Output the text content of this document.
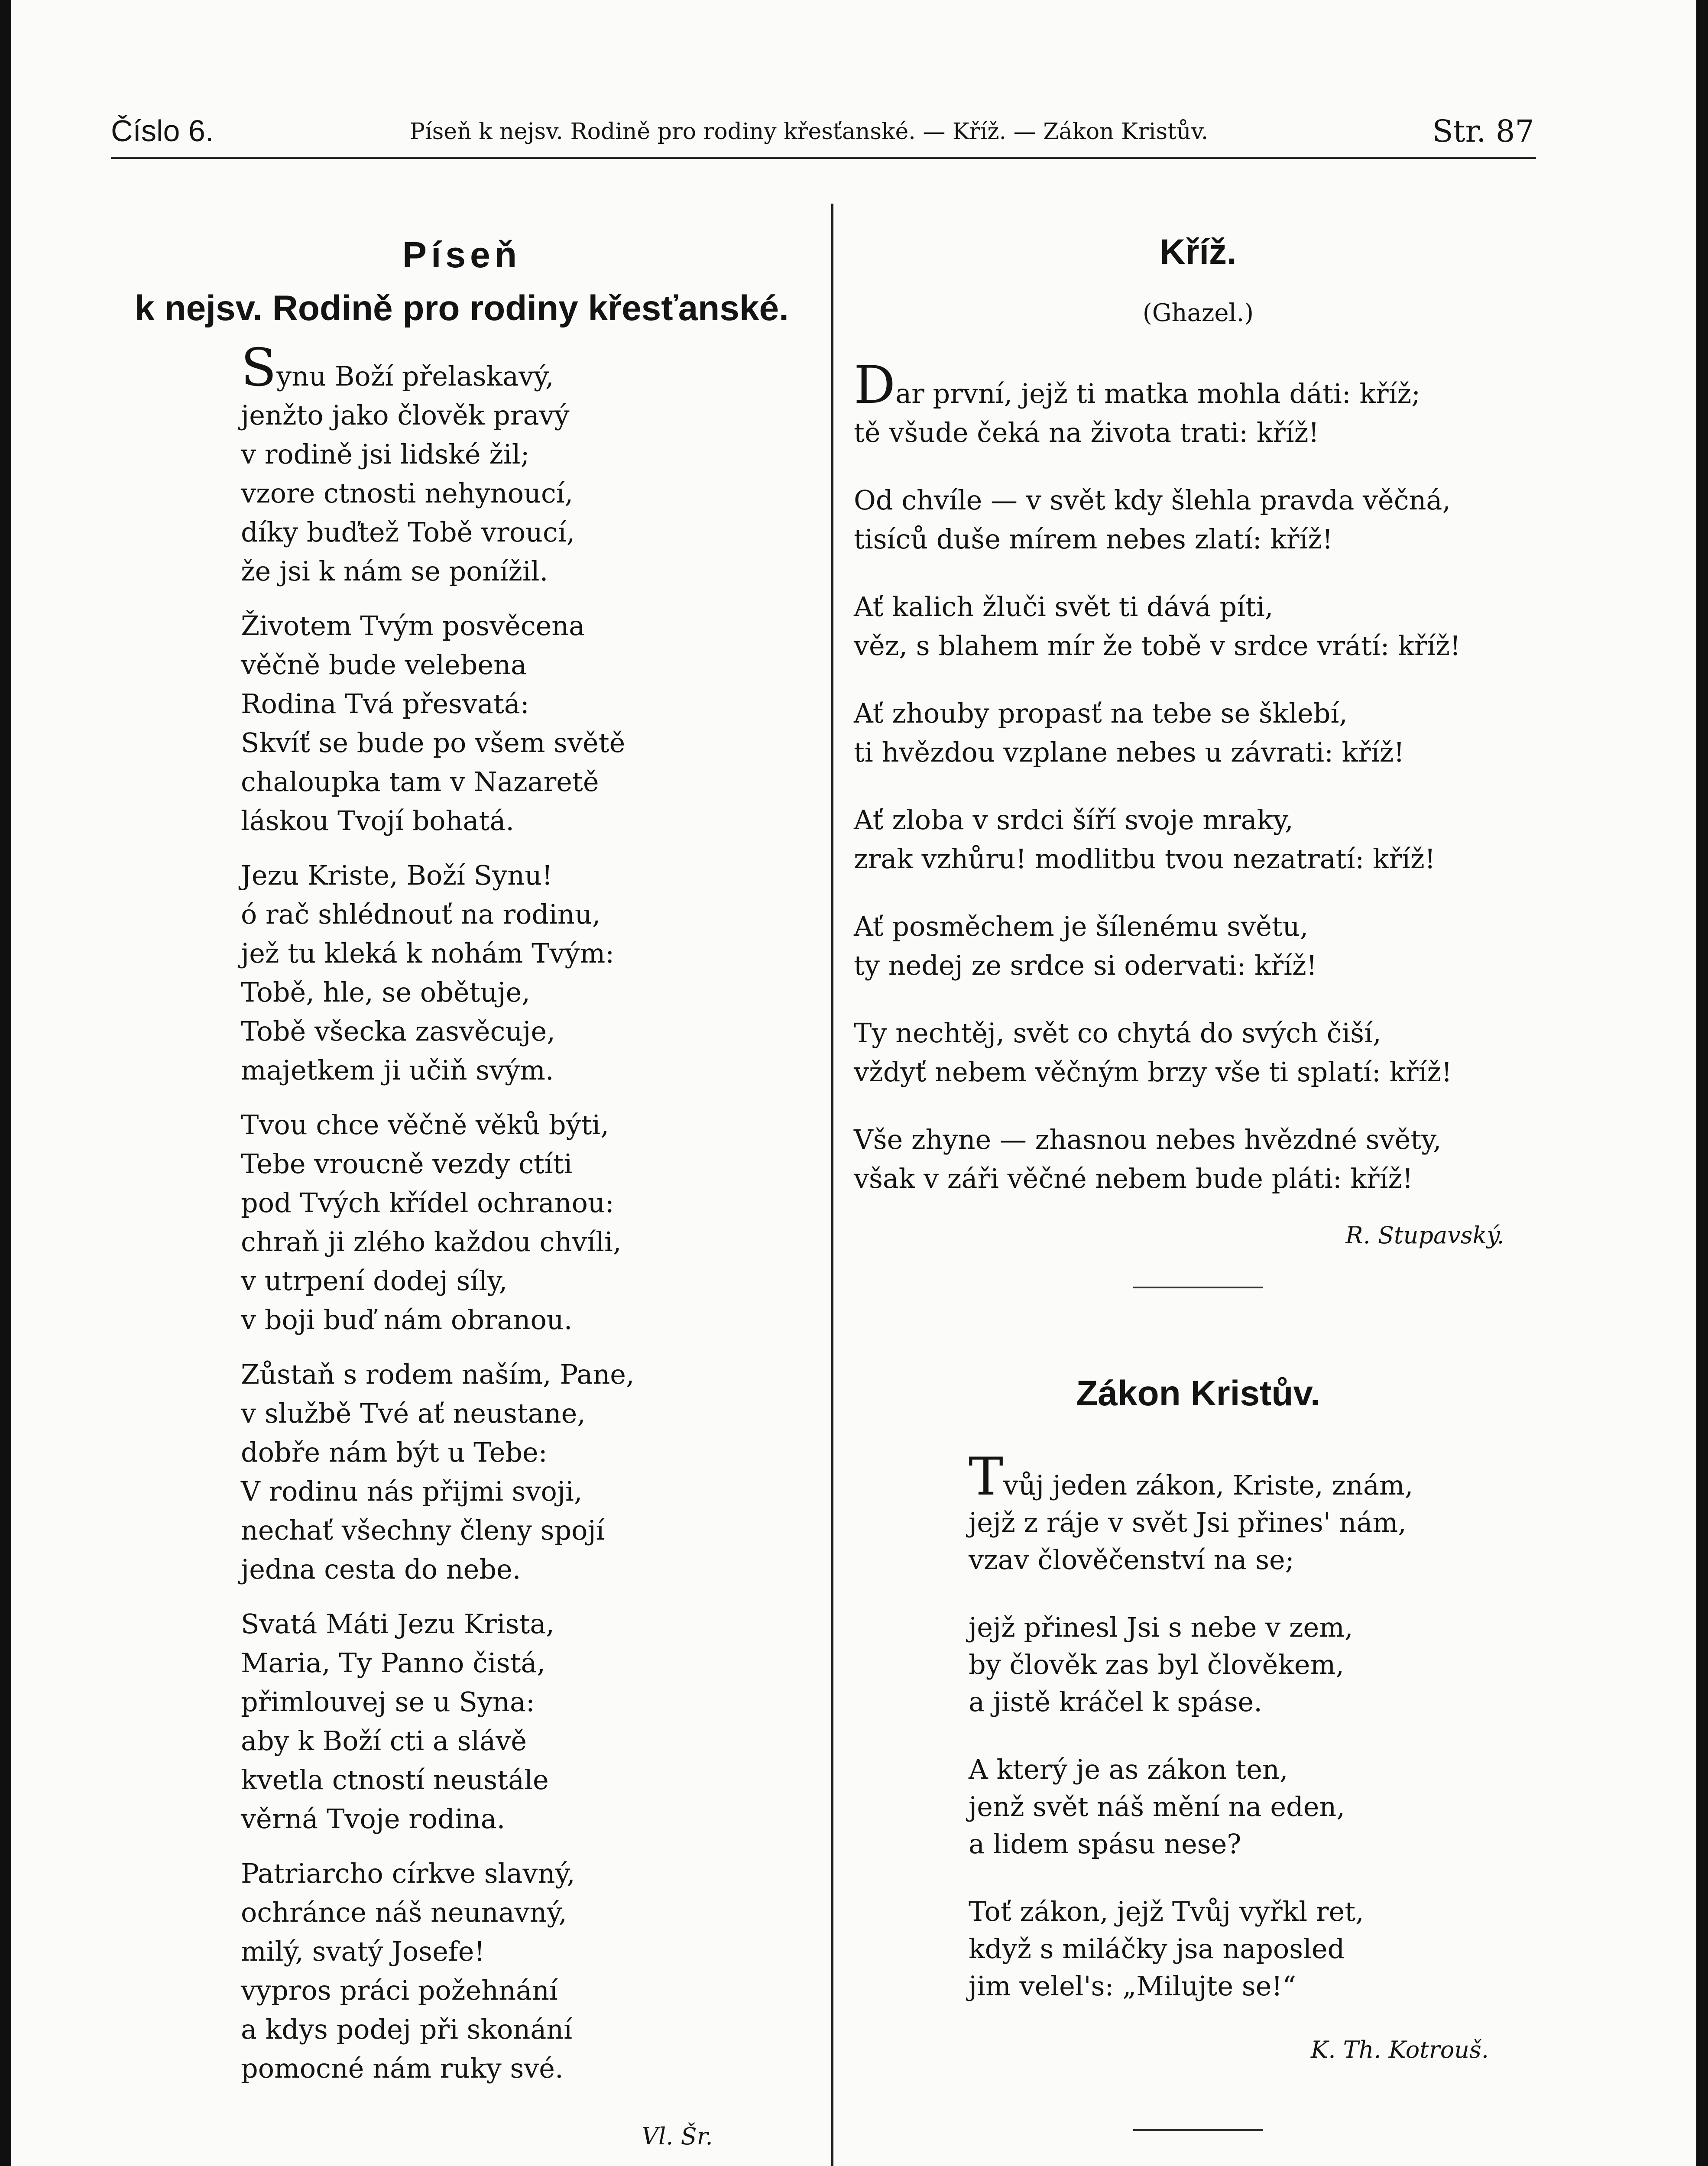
Číslo 6.	Píseň k nejsv. Rodině pro rodiny křesťanské. — Kříž. — Zákon Kristův.	Str. 87
Píseň
k nejsv. Rodině pro rodiny křesťanské.
Synu Boží přelaskavý,
jenžto jako člověk pravý
v rodině jsi lidské žil;
vzore ctnosti nehynoucí,
díky buďtež Tobě vroucí,
že jsi k nám se ponížil.
Životem Tvým posvěcena
věčně bude velebena
Rodina Tvá přesvatá:
Skvíť se bude po všem světě
chaloupka tam v Nazaretě
láskou Tvojí bohatá.
Jezu Kriste, Boží Synu!
ó rač shlédnouť na rodinu,
jež tu kleká k nohám Tvým:
Tobě, hle, se obětuje,
Tobě všecka zasvěcuje,
majetkem ji učiň svým.
Tvou chce věčně věků býti,
Tebe vroucně vezdy ctíti
pod Tvých křídel ochranou:
chraň ji zlého každou chvíli,
v utrpení dodej síly,
v boji buď nám obranou.
Zůstaň s rodem naším, Pane,
v službě Tvé ať neustane,
dobře nám být u Tebe:
V rodinu nás přijmi svoji,
nechať všechny členy spojí
jedna cesta do nebe.
Svatá Máti Jezu Krista,
Maria, Ty Panno čistá,
přimlouvej se u Syna:
aby k Boží cti a slávě
kvetla ctností neustále
věrná Tvoje rodina.
Patriarcho církve slavný,
ochránce náš neunavný,
milý, svatý Josefe!
vypros práci požehnání
a kdys podej při skonání
pomocné nám ruky své.
Vl. Šr.
Kříž.
(Ghazel.)
Dar první, jejž ti matka mohla dáti: kříž;
tě všude čeká na života trati: kříž!
Od chvíle — v svět kdy šlehla pravda věčná,
tisíců duše mírem nebes zlatí: kříž!
Ať kalich žluči svět ti dává píti,
věz, s blahem mír že tobě v srdce vrátí: kříž!
Ať zhouby propasť na tebe se šklebí,
ti hvězdou vzplane nebes u závrati: kříž!
Ať zloba v srdci šíří svoje mraky,
zrak vzhůru! modlitbu tvou nezatratí: kříž!
Ať posměchem je šílenému světu,
ty nedej ze srdce si odervati: kříž!
Ty nechtěj, svět co chytá do svých čiší,
vždyť nebem věčným brzy vše ti splatí: kříž!
Vše zhyne — zhasnou nebes hvězdné světy,
však v záři věčné nebem bude pláti: kříž!
R. Stupavský.
Zákon Kristův.
Tvůj jeden zákon, Kriste, znám,
jejž z ráje v svět Jsi přines' nám,
vzav člověčenství na se;
jejž přinesl Jsi s nebe v zem,
by člověk zas byl člověkem,
a jistě kráčel k spáse.
A který je as zákon ten,
jenž svět náš mění na eden,
a lidem spásu nese?
Toť zákon, jejž Tvůj vyřkl ret,
když s miláčky jsa naposled
jim velel's: „Milujte se!“
K. Th. Kotrouš.
